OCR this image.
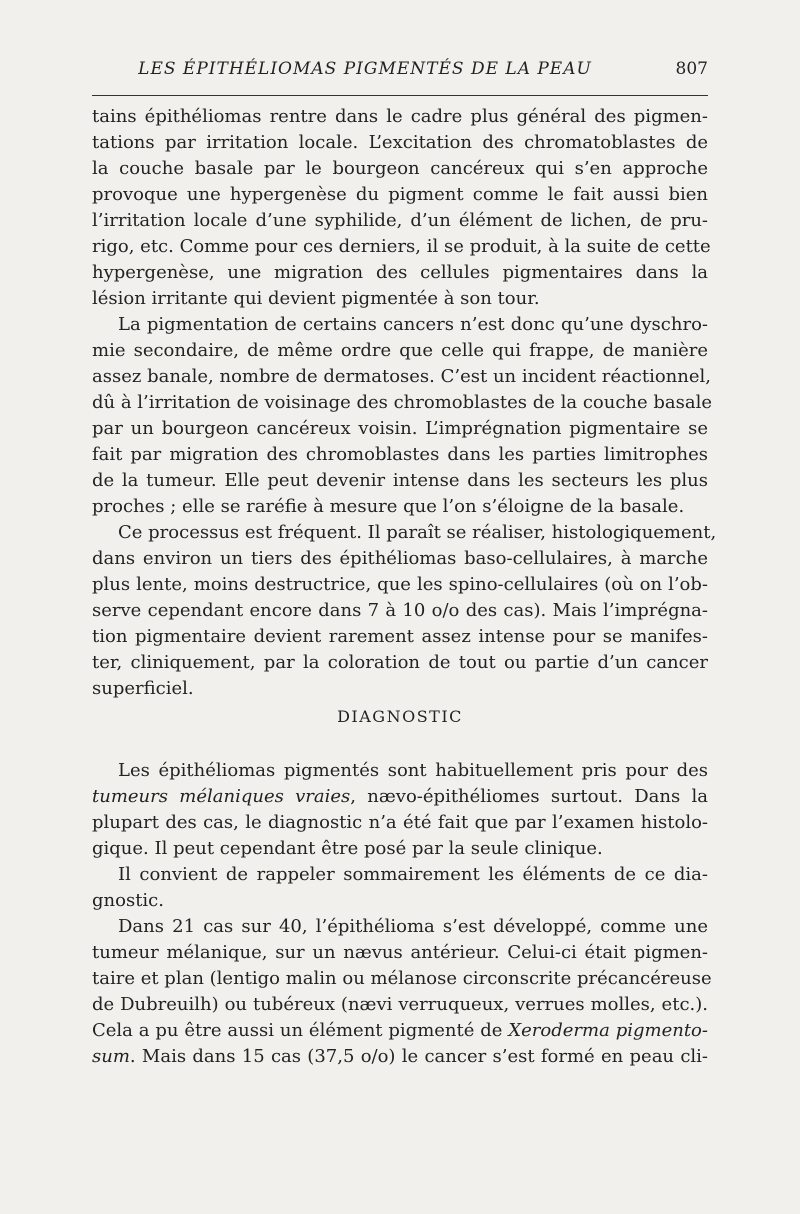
LES ÉPITHÉLIOMAS PIGMENTÉS DE LA PEAU	807
tains épithéliomas rentre dans le cadre plus général des pigmen-
tations par irritation locale. L’excitation des chromatoblastes de
la couche basale par le bourgeon cancéreux qui s’en approche
provoque une hypergenèse du pigment comme le fait aussi bien
l’irritation locale d’une syphilide, d’un élément de lichen, de pru-
rigo, etc. Comme pour ces derniers, il se produit, à la suite de cette
hypergenèse, une migration des cellules pigmentaires dans la
lésion irritante qui devient pigmentée à son tour.
La pigmentation de certains cancers n’est donc qu’une dyschro-
mie secondaire, de même ordre que celle qui frappe, de manière
assez banale, nombre de dermatoses. C’est un incident réactionnel,
dû à l’irritation de voisinage des chromoblastes de la couche basale
par un bourgeon cancéreux voisin. L’imprégnation pigmentaire se
fait par migration des chromoblastes dans les parties limitrophes
de la tumeur. Elle peut devenir intense dans les secteurs les plus
proches ; elle se raréfie à mesure que l’on s’éloigne de la basale.
Ce processus est fréquent. Il paraît se réaliser, histologiquement,
dans environ un tiers des épithéliomas baso-cellulaires, à marche
plus lente, moins destructrice, que les spino-cellulaires (où on l’ob-
serve cependant encore dans 7 à 10 o/o des cas). Mais l’imprégna-
tion pigmentaire devient rarement assez intense pour se manifes-
ter, cliniquement, par la coloration de tout ou partie d’un cancer
superficiel.
DIAGNOSTIC
Les épithéliomas pigmentés sont habituellement pris pour des
tumeurs mélaniques vraies, nævo-épithéliomes surtout. Dans la
plupart des cas, le diagnostic n’a été fait que par l’examen histolo-
gique. Il peut cependant être posé par la seule clinique.
Il convient de rappeler sommairement les éléments de ce dia-
gnostic.
Dans 21 cas sur 40, l’épithélioma s’est développé, comme une
tumeur mélanique, sur un nævus antérieur. Celui-ci était pigmen-
taire et plan (lentigo malin ou mélanose circonscrite précancéreuse
de Dubreuilh) ou tubéreux (nævi verruqueux, verrues molles, etc.).
Cela a pu être aussi un élément pigmenté de Xeroderma pigmento-
sum. Mais dans 15 cas (37,5 o/o) le cancer s’est formé en peau cli-
